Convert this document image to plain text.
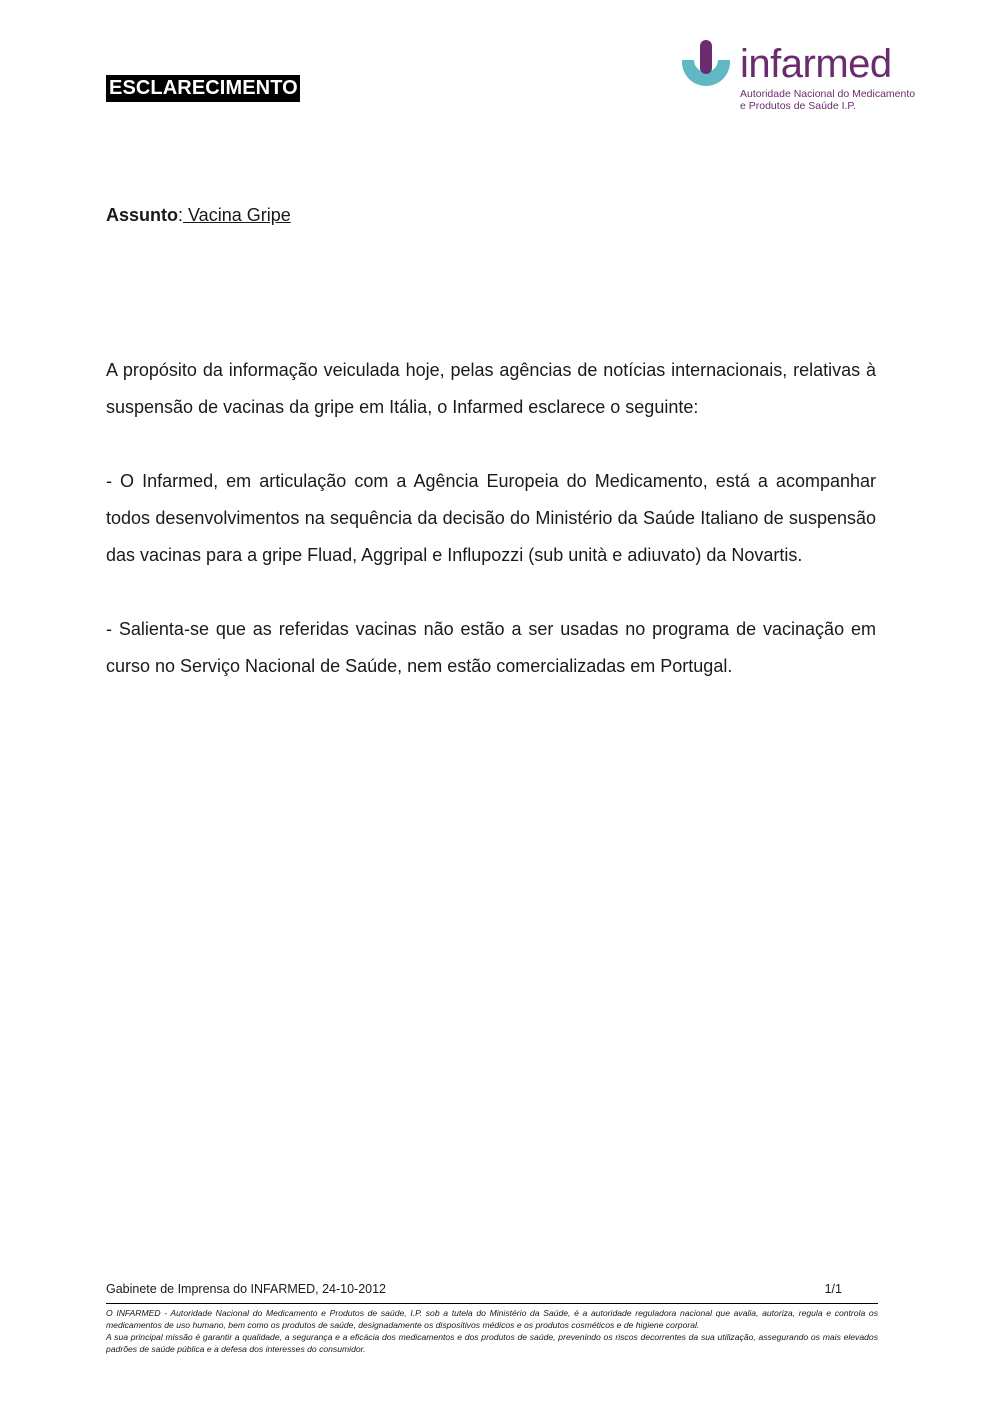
ESCLARECIMENTO
infarmed
Autoridade Nacional do Medicamento
e Produtos de Saúde I.P.
Assunto: Vacina Gripe

A propósito da informação veiculada hoje, pelas agências de notícias internacionais, relativas à suspensão de vacinas da gripe em Itália, o Infarmed esclarece o seguinte:

- O Infarmed, em articulação com a Agência Europeia do Medicamento, está a acompanhar todos desenvolvimentos na sequência da decisão do Ministério da Saúde Italiano de suspensão das vacinas para a gripe Fluad, Aggripal e Influpozzi (sub unità e adiuvato) da Novartis.

- Salienta-se que as referidas vacinas não estão a ser usadas no programa de vacinação em curso no Serviço Nacional de Saúde, nem estão comercializadas em Portugal.

Gabinete de Imprensa do INFARMED, 24-10-2012	1/1

O INFARMED - Autoridade Nacional do Medicamento e Produtos de saúde, I.P. sob a tutela do Ministério da Saúde, é a autoridade reguladora nacional que avalia, autoriza, regula e controla os medicamentos de uso humano, bem como os produtos de saúde, designadamente os dispositivos médicos e os produtos cosméticos e de higiene corporal.

A sua principal missão é garantir a qualidade, a segurança e a eficácia dos medicamentos e dos produtos de saúde, prevenindo os riscos decorrentes da sua utilização, assegurando os mais elevados padrões de saúde pública e a defesa dos interesses do consumidor.
